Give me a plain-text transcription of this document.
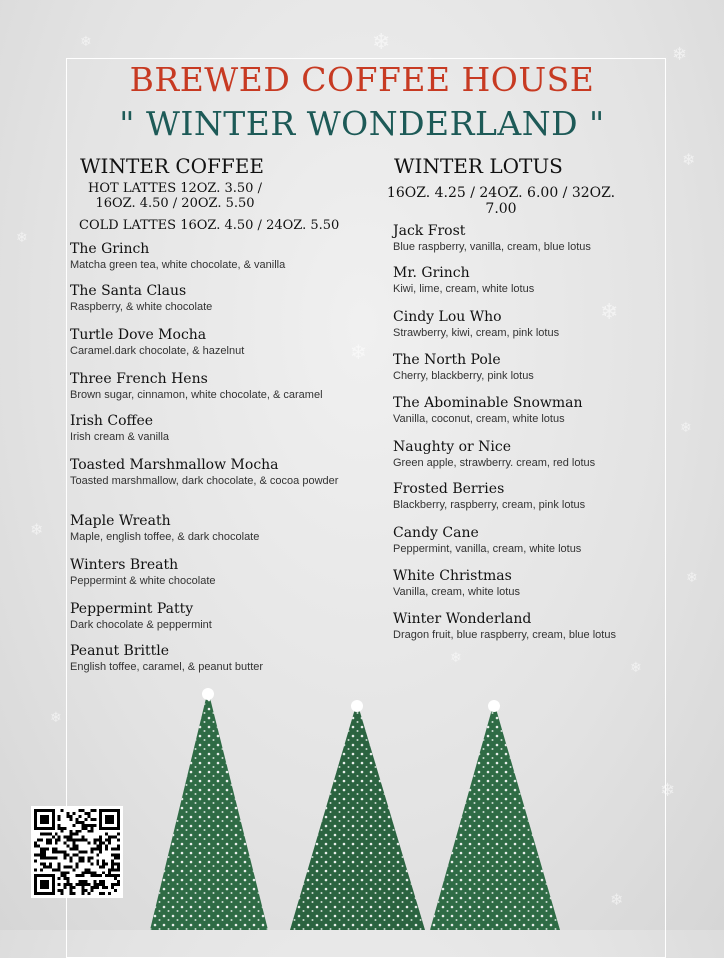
❄
❄
❄
❄
❄
❄
❄
❄
❄
❄
❄
❄
❄
❄
❄
BREWED COFFEE HOUSE
" WINTER WONDERLAND "
WINTER COFFEE
HOT LATTES 12OZ. 3.50 /
16OZ. 4.50 / 20OZ. 5.50
COLD LATTES 16OZ. 4.50 / 24OZ. 5.50
The Grinch
Matcha green tea, white chocolate, & vanilla
The Santa Claus
Raspberry, & white chocolate
Turtle Dove Mocha
Caramel.dark chocolate, & hazelnut
Three French Hens
Brown sugar, cinnamon, white chocolate, & caramel
Irish Coffee
Irish cream & vanilla
Toasted Marshmallow Mocha
Toasted marshmallow, dark chocolate, & cocoa powder
Maple Wreath
Maple, english toffee, & dark chocolate
Winters Breath
Peppermint & white chocolate
Peppermint Patty
Dark chocolate & peppermint
Peanut Brittle
English toffee, caramel, & peanut butter
WINTER LOTUS
16OZ. 4.25 / 24OZ. 6.00 / 32OZ.
7.00
Jack Frost
Blue raspberry, vanilla, cream, blue lotus
Mr. Grinch
Kiwi, lime, cream, white lotus
Cindy Lou Who
Strawberry, kiwi, cream, pink lotus
The North Pole
Cherry, blackberry, pink lotus
The Abominable Snowman
Vanilla, coconut, cream, white lotus
Naughty or Nice
Green apple, strawberry. cream, red lotus
Frosted Berries
Blackberry, raspberry, cream, pink lotus
Candy Cane
Peppermint, vanilla, cream, white lotus
White Christmas
Vanilla, cream, white lotus
Winter Wonderland
Dragon fruit, blue raspberry, cream, blue lotus
